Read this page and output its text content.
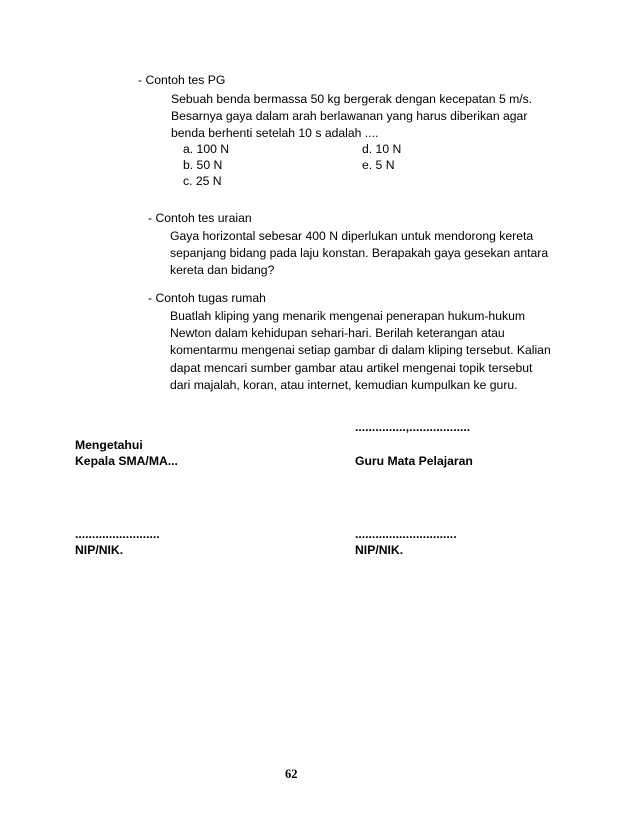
- Contoh tes PG
Sebuah benda bermassa 50 kg bergerak dengan kecepatan 5 m/s.
Besarnya gaya dalam arah berlawanan yang harus diberikan agar
benda berhenti setelah 10 s adalah ....
a. 100 N
b. 50 N
c. 25 N
d. 10 N
e. 5 N
- Contoh tes uraian
Gaya horizontal sebesar 400 N diperlukan untuk mendorong kereta
sepanjang bidang pada laju konstan. Berapakah gaya gesekan antara
kereta dan bidang?
- Contoh tugas rumah
Buatlah kliping yang menarik mengenai penerapan hukum-hukum
Newton dalam kehidupan sehari-hari. Berilah keterangan atau
komentarmu mengenai setiap gambar di dalam kliping tersebut. Kalian
dapat mencari sumber gambar atau artikel mengenai topik tersebut
dari majalah, koran, atau internet, kemudian kumpulkan ke guru.
...............,..................
Mengetahui
Kepala SMA/MA...	Guru Mata Pelajaran
.........................	..............................
NIP/NIK.	NIP/NIK.
62
